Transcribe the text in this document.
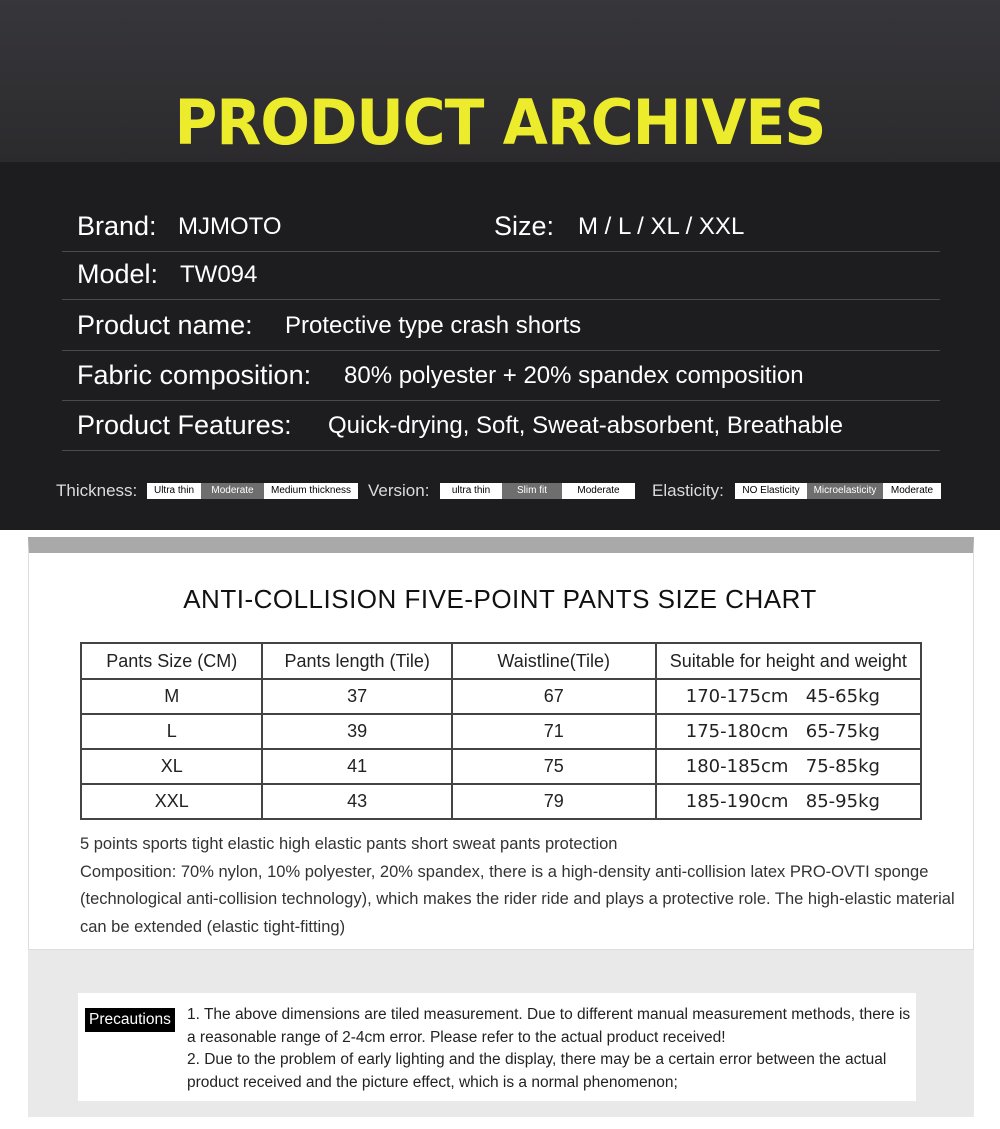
PRODUCT ARCHIVES
Brand: MJMOTO	Size: M / L / XL / XXL
Model: TW094
Product name: Protective type crash shorts
Fabric composition: 80% polyester + 20% spandex composition
Product Features: Quick-drying, Soft, Sweat-absorbent, Breathable
Thickness:	Ultra thin	Moderate	Medium thickness Version:	ultra thin	Slim fit	Moderate	Elasticity:	NO Elasticity	Microelasticity	Moderate
ANTI-COLLISION FIVE-POINT PANTS SIZE CHART
Pants Size (CM)	Pants length (Tile)	Waistline(Tile)	Suitable for height and weight
M	37	67	170-175cm 45-65kg
L	39	71	175-180cm 65-75kg
XL	41	75	180-185cm 75-85kg
XXL	43	79	185-190cm 85-95kg
5 points sports tight elastic high elastic pants short sweat pants protection
Composition: 70% nylon, 10% polyester, 20% spandex, there is a high-density anti-collision latex PRO-OVTI sponge (technological anti-collision technology), which makes the rider ride and plays a protective role. The high-elastic material can be extended (elastic tight-fitting)
Precautions 1. The above dimensions are tiled measurement. Due to different manual measurement methods, there is a reasonable range of 2-4cm error. Please refer to the actual product received!
2. Due to the problem of early lighting and the display, there may be a certain error between the actual product received and the picture effect, which is a normal phenomenon;
